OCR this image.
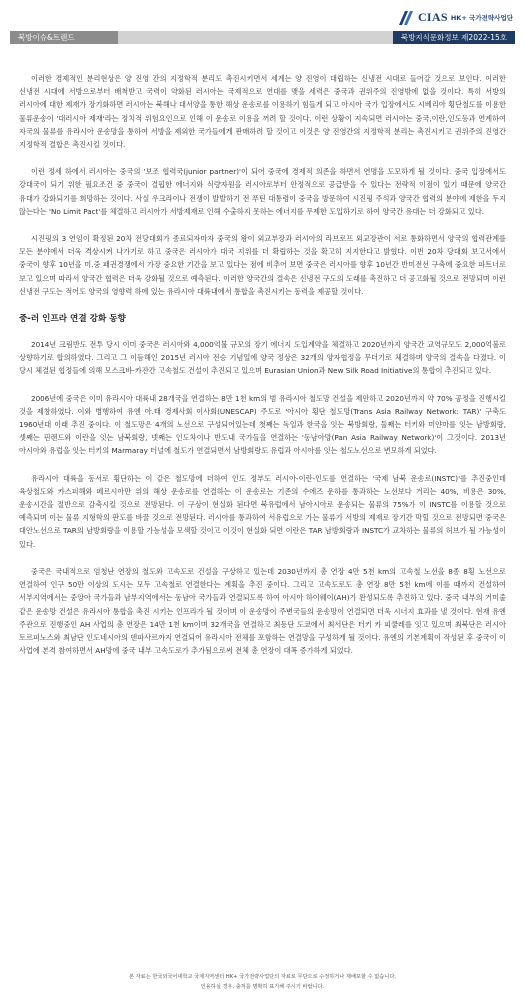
CIAS HK+ 국가전략사업단
북방이슈&트렌드	북방지식문화정보 제2022-15호

이러한 경제적인 분리현상은 양 진영 간의 지정학적 분리도 촉진시키면서 세계는 양 진영이 대립하는 신냉전 시대로 들어갈 것으로 보인다. 이러한 신냉전 시대에 서방으로부터 배척받고 국력이 약화된 러시아는 국제적으로 연대를 맺을 세력은 중국과 권위주의 진영밖에 없을 것이다. 특히 서방의 러시아에 대한 제재가 장기화하면 러시아는 북해나 대서양을 통한 해상 운송로를 이용하기 힘들게 되고 아시아 국가 입장에서도 시베리아 횡단철도를 이용한 물류운송이 '대러시아 제재'라는 정치적 위험요인으로 인해 이 운송로 이용을 꺼려 할 것이다. 이런 상황이 지속되면 러시아는 중국,이란,인도등과 연계하여 자국의 물류를 유라시아 운송망을 통하여 서방을 제외한 국가들에게 판매하려 할 것이고 이것은 양 진영간의 지정학적 분리는 촉진시키고 권위주의 진영간 지정학적 결합은 촉진시킬 것이다.

이런 정세 하에서 러시아는 중국의 '보조 협력국(junior partner)'이 되어 중국에 경제적 의존을 하면서 연명을 도모하게 될 것이다. 중국 입장에서도 강대국이 되기 위한 필요조건 중 중국이 결핍한 에너지와 식량자원을 러시아로부터 안정적으로 공급받을 수 있다는 전략적 이점이 있기 때문에 양국간 유대가 강화되기를 희망하는 것이다. 사실 우크라이나 전쟁이 발발하기 전 푸틴 대통령이 중국을 방문하여 시진핑 주석과 양국간 협력의 분야에 제한을 두지 않는다는 'No Limit Pact'를 체결하고 러시아가 서방제재로 인해 수출하지 못하는 에너지를 무제한 도입하기로 하여 양국간 유대는 더 강화되고 있다.

시진핑의 3 연임이 확정된 20차 전당대회가 종료되자마자 중국의 왕이 외교부장과 러시아의 라브로프 외교장관이 서로 통화하면서 양국의 협력관계를 모든 분야에서 더욱 격상시켜 나가기로 하고 중국은 러시아가 대국 지위를 더 확립하는 것을 확고히 지지한다고 밝혔다. 이번 20차 당대회 보고서에서 중국이 향후 10년을 미.중 패권경쟁에서 가장 중요한 기간을 보고 있다는 점에 비추어 보면 중국은 러시아를 향후 10년간 반미전선 구축에 중요한 파트너로 보고 있으며 따라서 양국간 협력은 더욱 강화될 것으로 예측된다. 이러한 양국간의 결속은 신냉전 구도의 도래를 촉진하고 더 공고화될 것으로 전망되며 이런 신냉전 구도는 적어도 양국의 영향력 하에 있는 유라시아 대륙내에서 통합을 촉진시키는 동력을 제공할 것이다.

중-러 인프라 연결 강화 동향

2014년 크림반도 전투 당시 이미 중국은 러시아와 4,000억불 규모의 장기 에너지 도입계약을 체결하고 2020년까지 양국간 교역규모도 2,000억불로 상향하기로 합의하였다. 그리고 그 이듬해인 2015년 러시아 전승 기념일에 양국 정상은 32개의 양자협정을 무더기로 체결하며 양국의 결속을 다졌다. 이 당시 체결된 협정들에 의해 모스크바-카잔간 고속철도 건설이 추진되고 있으며 Eurasian Union과 New Silk Road Initiative의 통합이 추진되고 있다.

2006년에 중국은 이미 유라시아 대륙내 28개국을 연결하는 8만 1천 km의 범 유라시아 철도망 건설을 제안하고 2020년까지 약 70% 공정을 진행시킬 것을 제창하였다. 이와 병행하여 유엔 아.태 경제사회 이사회(UNESCAP) 주도로 '아시아 횡단 철도망(Trans Asia Railway Network: TAR)' 구축도 1960년대 이래 추진 중이다. 이 철도망은 4개의 노선으로 구성되어있는데 첫째는 독일과 한국을 잇는 북방회랑, 둘째는 터키와 미얀마를 잇는 남방회랑, 셋째는 핀랜드와 이란을 잇는 남북회랑, 넷째는 인도차이나 반도내 국가들을 연결하는 '동남아망(Pan Asia Railway Network)'이 그것이다. 2013년 아시아와 유럽을 잇는 터키의 Marmaray 터널에 철도가 연결되면서 남방회랑도 유럽과 아시아를 잇는 철도노선으로 변모하게 되었다.

유라시아 대륙을 동서로 횡단하는 이 같은 철도망에 더하여 인도 정부도 러시아-이란-인도를 연결하는 '국제 남북 운송로(INSTC)'를 추진중인데 육상철도와 카스피해와 페르시아만 위의 해상 운송로를 연결하는 이 운송로는 기존의 수에즈 운하를 통과하는 노선보다 거리는 40%, 비용은 30%, 운송시간을 절반으로 감축시킬 것으로 전망된다. 이 구상이 현실화 된다면 북유럽에서 남아시아로 운송되는 물류의 75%가 이 INSTC를 이용할 것으로 예측되며 이는 물류 지형학의 판도를 바꿀 것으로 전망된다. 러시아를 통과하여 서유럽으로 가는 물류가 서방의 제재로 장기간 막힐 것으로 전망되면 중국은 대안노선으로 TAR의 남방회랑을 이용할 가능성을 모색할 것이고 이것이 현실화 되면 이란은 TAR 남방회랑과 INSTC가 교차하는 물류의 허브가 될 가능성이 있다.

중국은 국내적으로 엄청난 연장의 철도와 고속도로 건설을 구상하고 있는데 2030년까지 총 연장 4만 5천 km의 고속철 노선을 8종 8횡 노선으로 연결하여 인구 50만 이상의 도시는 모두 고속철로 연결한다는 계획을 추진 중이다. 그리고 고속도로도 총 연장 8만 5천 km에 이를 때까지 건설하여 서부지역에서는 중앙아 국가들과 남부지역에서는 동남아 국가들과 연결되도록 하여 아시아 하이웨이(AH)가 완성되도록 추진하고 있다. 중국 내부의 거미줄 같은 운송망 건설은 유라시아 통합을 촉진 시키는 인프라가 될 것이며 이 운송망이 주변국들의 운송망이 연결되면 더욱 시너지 효과를 낼 것이다. 현재 유엔 주관으로 진행중인 AH 사업의 총 연장은 14만 1천 km이며 32개국을 연결하고 최동단 도쿄에서 최서단은 터키 카 피쿨레를 잇고 있으며 최북단은 러시아 토르피노스와 최남단 인도네시아의 덴파사르까지 연결되어 유라시아 전체를 포함하는 연결망을 구성하게 될 것이다. 유엔의 기본계획이 작성된 후 중국이 이 사업에 본격 참여하면서 AH망에 중국 내부 고속도로가 추가됨으로써 전체 총 연장이 대폭 증가하게 되었다.

본 자료는 한국외국어대학교 국제지역센터 HK+ 국가전략사업단의 자료로 무단으로 수정하거나 재배포할 수 없습니다.
인용하실 경우, 출처를 명확히 표기해 주시기 바랍니다.
